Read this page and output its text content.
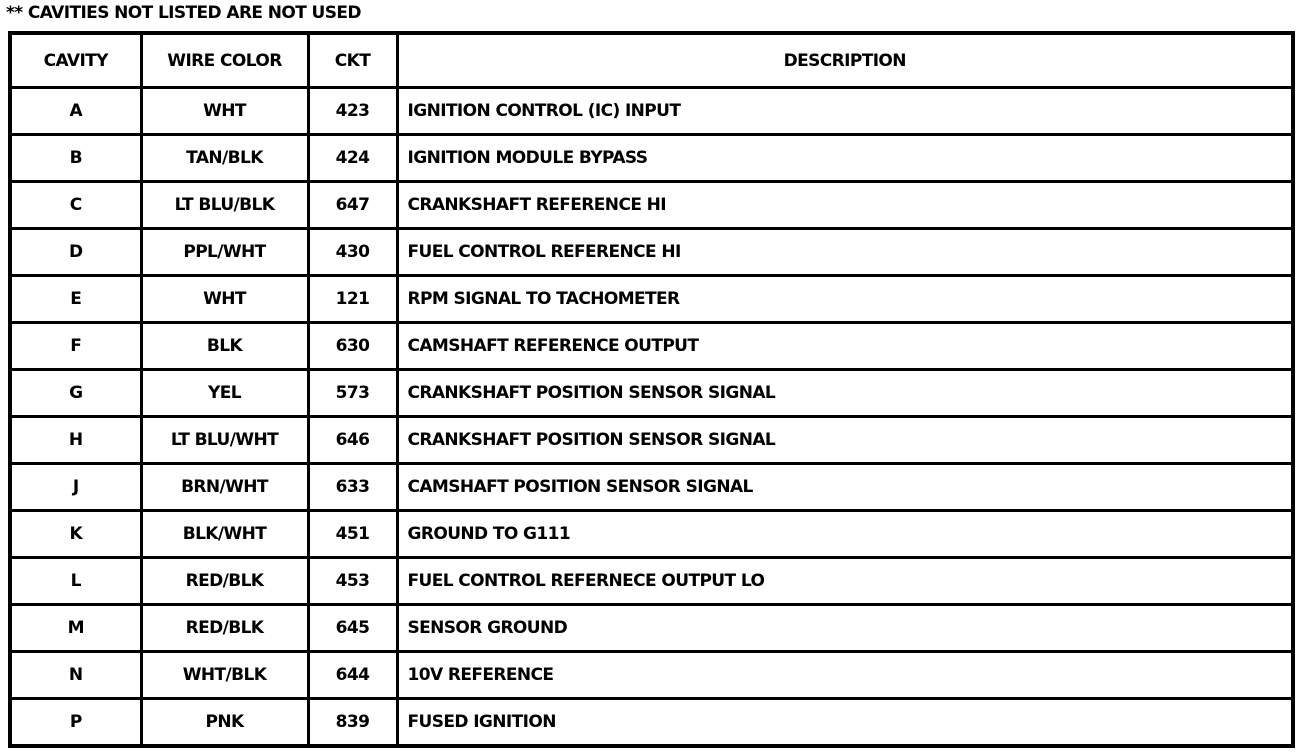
** CAVITIES NOT LISTED ARE NOT USED
CAVITY	WIRE COLOR	CKT	DESCRIPTION
A	WHT	423	IGNITION CONTROL (IC) INPUT
B	TAN/BLK	424	IGNITION MODULE BYPASS
C	LT BLU/BLK	647	CRANKSHAFT REFERENCE HI
D	PPL/WHT	430	FUEL CONTROL REFERENCE HI
E	WHT	121	RPM SIGNAL TO TACHOMETER
F	BLK	630	CAMSHAFT REFERENCE OUTPUT
G	YEL	573	CRANKSHAFT POSITION SENSOR SIGNAL
H	LT BLU/WHT	646	CRANKSHAFT POSITION SENSOR SIGNAL
J	BRN/WHT	633	CAMSHAFT POSITION SENSOR SIGNAL
K	BLK/WHT	451	GROUND TO G111
L	RED/BLK	453	FUEL CONTROL REFERNECE OUTPUT LO
M	RED/BLK	645	SENSOR GROUND
N	WHT/BLK	644	10V REFERENCE
P	PNK	839	FUSED IGNITION
